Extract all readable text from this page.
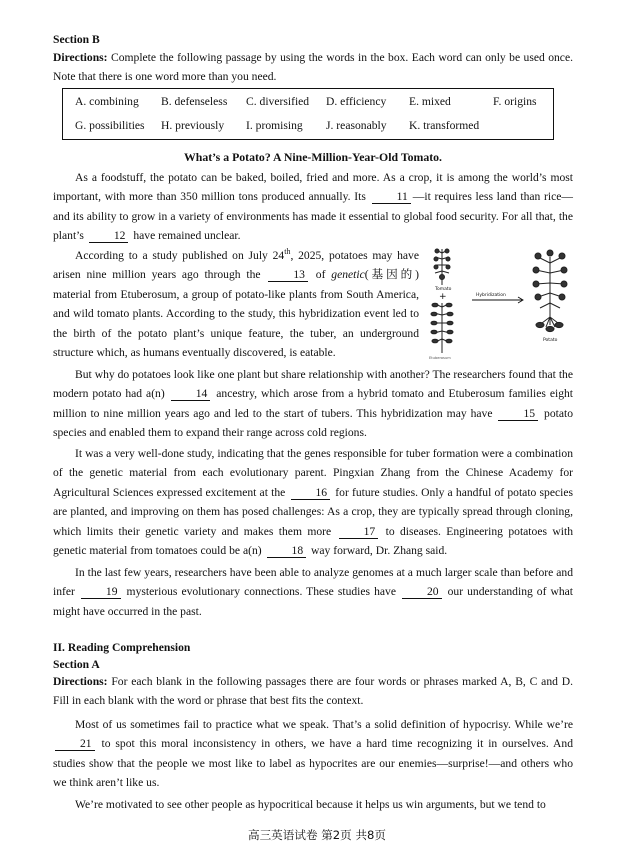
Section B
Directions: Complete the following passage by using the words in the box. Each word can only be used once. Note that there is one word more than you need.
A. combining B. defenseless C. diversified D. efficiency E. mixed	F. origins
G. possibilities H. previously I. promising J. reasonably K. transformed
What’s a Potato? A Nine-Million-Year-Old Tomato.
As a foodstuff, the potato can be baked, boiled, fried and more. As a crop, it is among the world’s most important, with more than 350 million tons produced annually. Its	11 —it requires less land than rice—and its ability to grow in a variety of environments has made it essential to global food security. For all that, the plant’s	12 have remained unclear.
According to a study published on July 24th, 2025, potatoes may have arisen nine million years ago through the	13 of genetic(基因的) material from Etuberosum, a group of potato-like plants from South America, and wild tomato plants. According to the study, this hybridization event led to the birth of the potato plant’s unique feature, the tuber, an underground structure which, as humans eventually discovered, is eatable.
Tomato
+
Etuberosum
Hybridization
Potato
But why do potatoes look like one plant but share relationship with another? The researchers found that the modern potato had a(n)	14 ancestry, which arose from a hybrid tomato and Etuberosum families eight million to nine million years ago and led to the start of tubers. This hybridization may have	15 potato species and enabled them to expand their range across cold regions.
It was a very well-done study, indicating that the genes responsible for tuber formation were a combination of the genetic material from each evolutionary parent. Pingxian Zhang from the Chinese Academy for Agricultural Sciences expressed excitement at the	16 for future studies. Only a handful of potato species are planted, and improving on them has posed challenges: As a crop, they are typically spread through cloning, which limits their genetic variety and makes them more	17 to diseases. Engineering potatoes with genetic material from tomatoes could be a(n)	18 way forward, Dr. Zhang said.
In the last few years, researchers have been able to analyze genomes at a much larger scale than before and infer	19 mysterious evolutionary connections. These studies have	20 our understanding of what might have occurred in the past.
II. Reading Comprehension
Section A
Directions: For each blank in the following passages there are four words or phrases marked A, B, C and D. Fill in each blank with the word or phrase that best fits the context.
Most of us sometimes fail to practice what we speak. That’s a solid definition of hypocrisy. While we’re 21 to spot this moral inconsistency in others, we have a hard time recognizing it in ourselves. And studies show that the people we most like to label as hypocrites are our enemies—surprise!—and others who we think aren’t like us.
We’re motivated to see other people as hypocritical because it helps us win arguments, but we tend to
高三英语试卷 第2页 共8页
